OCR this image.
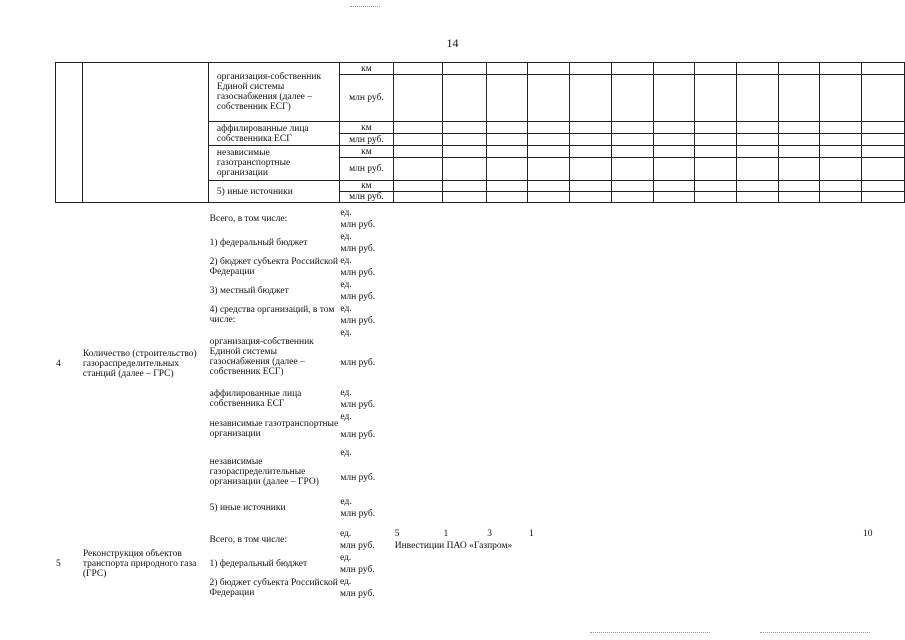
14
		организация-собственник Единой системы газоснабжения (далее – собственник ЕСГ)	км												
			млн руб.												
		аффилированные лица собственника ЕСГ	км												
			млн руб.												
		независимые газотранспортные организации	км												
			млн руб.												
		5) иные источники	км												
			млн руб.												
4	Количество (строительство) газораспределительных станций (далее – ГРС)	Всего, в том числе:	ед.												
			млн руб.												
		1) федеральный бюджет	ед.												
			млн руб.												
		2) бюджет субъекта Российской Федерации	ед.												
			млн руб.												
		3) местный бюджет	ед.												
			млн руб.												
		4) средства организаций, в том числе:	ед.												
			млн руб.												
		организация-собственник Единой системы газоснабжения (далее – собственник ЕСГ)	ед.												
			млн руб.												
		аффилированные лица собственника ЕСГ	ед.												
			млн руб.												
		независимые газотранспортные организации	ед.												
			млн руб.												
		независимые газораспределительные организации (далее – ГРО)	ед.												
			млн руб.												
		5) иные источники	ед.												
			млн руб.												
5	Реконструкция объектов транспорта природного газа (ГРС)	Всего, в том числе:	ед.	5	1	3	1								10
			млн руб.	Инвестиции ПАО «Газпром»											
		1) федеральный бюджет	ед.												
			млн руб.												
		2) бюджет субъекта Российской Федерации	ед.												
			млн руб.												
